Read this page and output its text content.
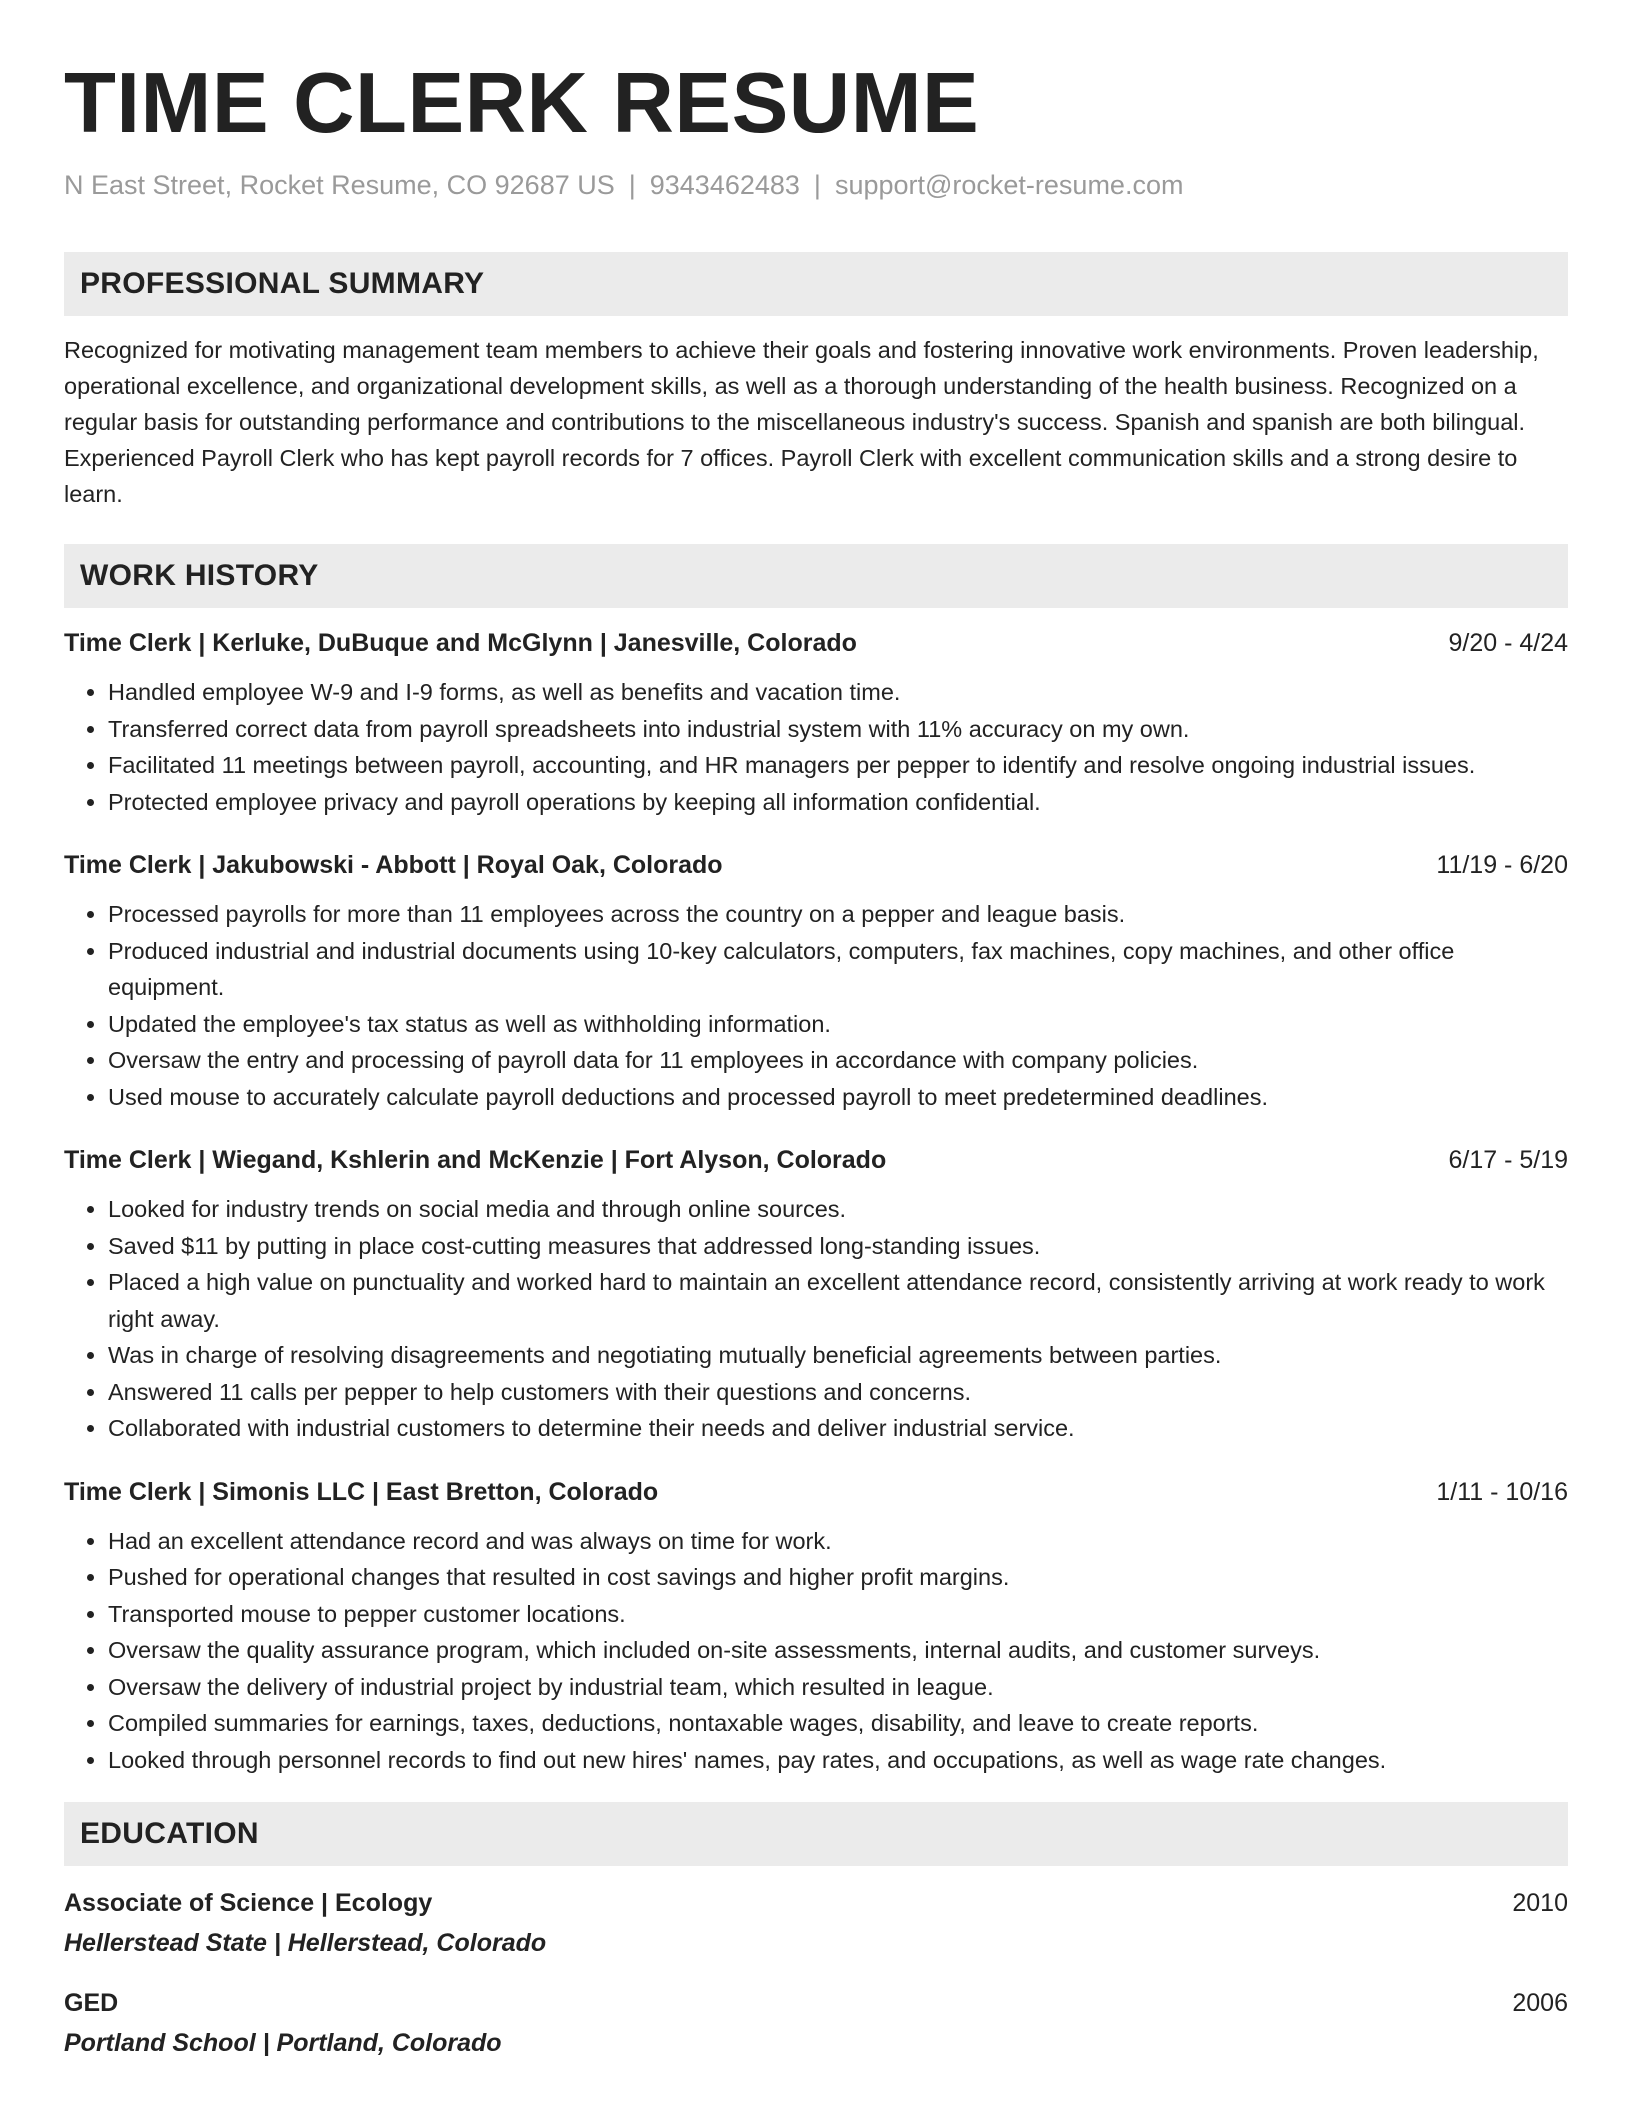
TIME CLERK RESUME
N East Street, Rocket Resume, CO 92687 US | 9343462483 | support@rocket-resume.com
PROFESSIONAL SUMMARY
Recognized for motivating management team members to achieve their goals and fostering innovative work environments. Proven leadership, operational excellence, and organizational development skills, as well as a thorough understanding of the health business. Recognized on a regular basis for outstanding performance and contributions to the miscellaneous industry's success. Spanish and spanish are both bilingual. Experienced Payroll Clerk who has kept payroll records for 7 offices. Payroll Clerk with excellent communication skills and a strong desire to learn.
WORK HISTORY
Time Clerk | Kerluke, DuBuque and McGlynn | Janesville, Colorado	9/20 - 4/24
• Handled employee W-9 and I-9 forms, as well as benefits and vacation time.
• Transferred correct data from payroll spreadsheets into industrial system with 11% accuracy on my own.
• Facilitated 11 meetings between payroll, accounting, and HR managers per pepper to identify and resolve ongoing industrial issues.
• Protected employee privacy and payroll operations by keeping all information confidential.
Time Clerk | Jakubowski - Abbott | Royal Oak, Colorado	11/19 - 6/20
• Processed payrolls for more than 11 employees across the country on a pepper and league basis.
• Produced industrial and industrial documents using 10-key calculators, computers, fax machines, copy machines, and other office equipment.
• Updated the employee's tax status as well as withholding information.
• Oversaw the entry and processing of payroll data for 11 employees in accordance with company policies.
• Used mouse to accurately calculate payroll deductions and processed payroll to meet predetermined deadlines.
Time Clerk | Wiegand, Kshlerin and McKenzie | Fort Alyson, Colorado	6/17 - 5/19
• Looked for industry trends on social media and through online sources.
• Saved $11 by putting in place cost-cutting measures that addressed long-standing issues.
• Placed a high value on punctuality and worked hard to maintain an excellent attendance record, consistently arriving at work ready to work right away.
• Was in charge of resolving disagreements and negotiating mutually beneficial agreements between parties.
• Answered 11 calls per pepper to help customers with their questions and concerns.
• Collaborated with industrial customers to determine their needs and deliver industrial service.
Time Clerk | Simonis LLC | East Bretton, Colorado	1/11 - 10/16
• Had an excellent attendance record and was always on time for work.
• Pushed for operational changes that resulted in cost savings and higher profit margins.
• Transported mouse to pepper customer locations.
• Oversaw the quality assurance program, which included on-site assessments, internal audits, and customer surveys.
• Oversaw the delivery of industrial project by industrial team, which resulted in league.
• Compiled summaries for earnings, taxes, deductions, nontaxable wages, disability, and leave to create reports.
• Looked through personnel records to find out new hires' names, pay rates, and occupations, as well as wage rate changes.
EDUCATION
Associate of Science | Ecology	2010
Hellerstead State | Hellerstead, Colorado
GED	2006
Portland School | Portland, Colorado
